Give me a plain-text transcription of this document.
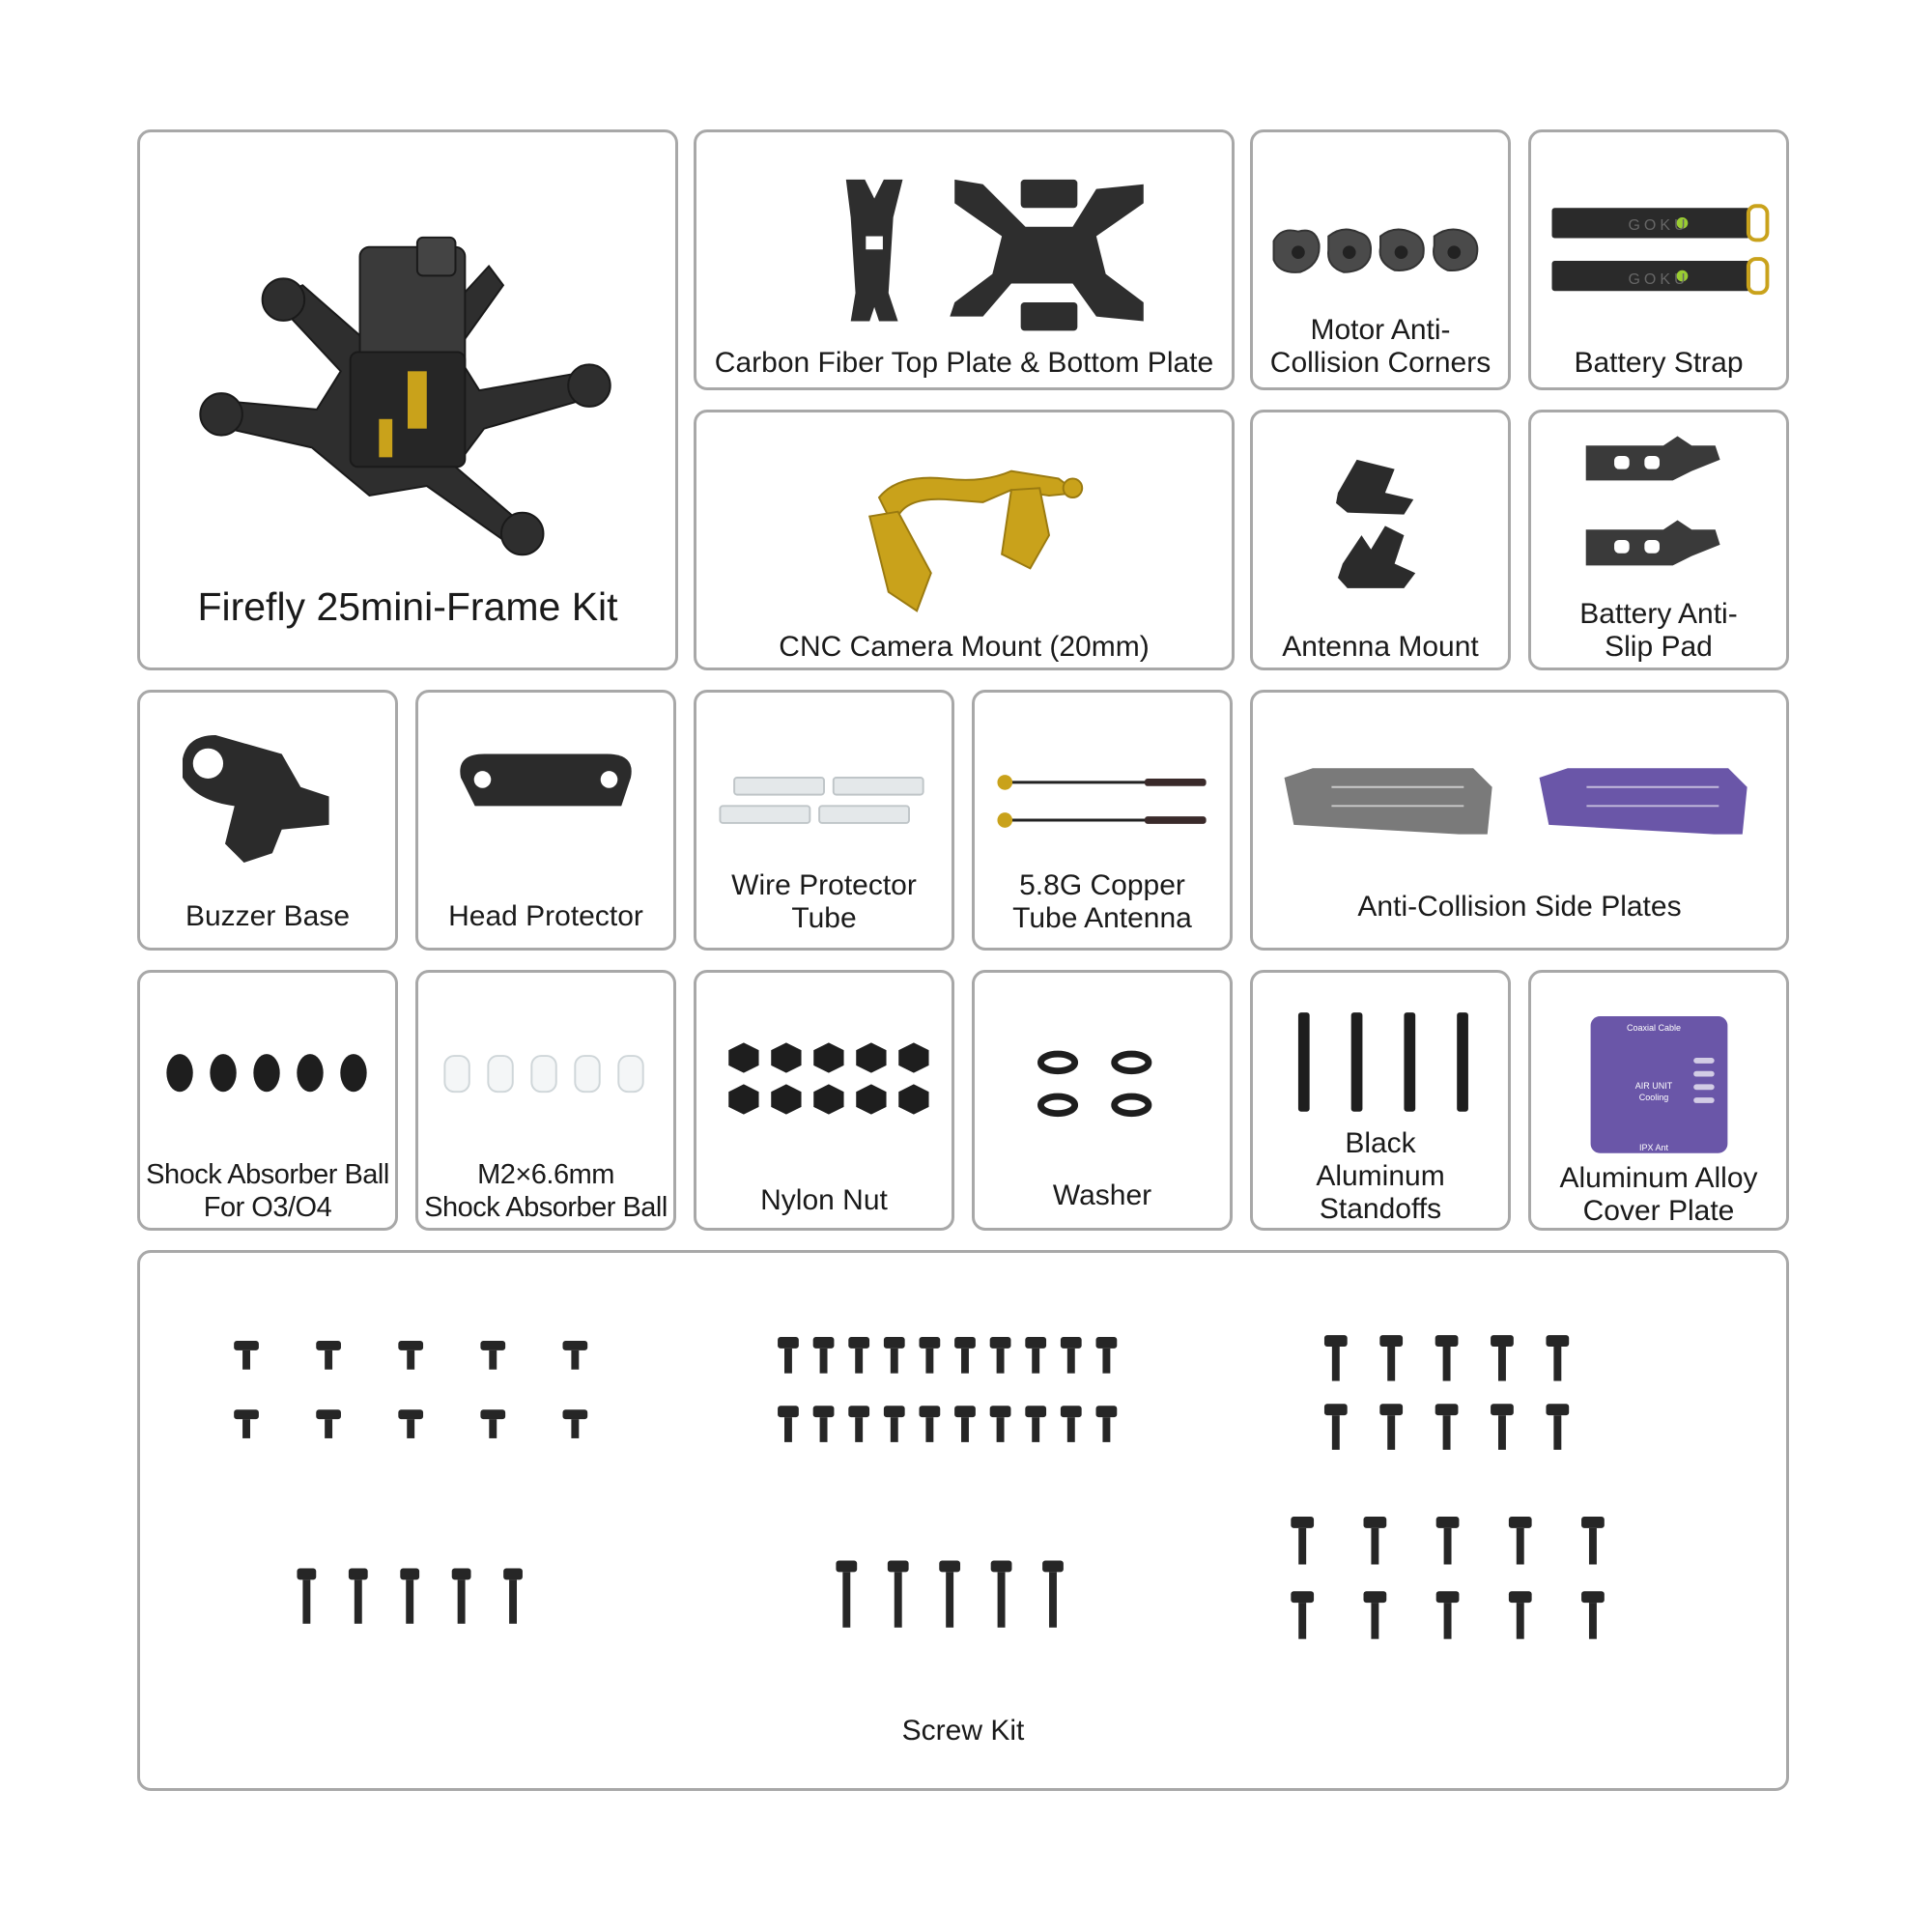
Firefly 25mini-Frame Kit
Carbon Fiber Top Plate & Bottom Plate
Motor Anti-
Collision Corners
GOKU
GOKU
Battery Strap
CNC Camera Mount (20mm)	Antenna Mount
Battery Anti-
Slip Pad
Buzzer Base	Head Protector
Wire Protector
Tube
5.8G Copper
Tube Antenna	Anti-Collision Side Plates
Shock Absorber Ball
For O3/O4
M2×6.6mm
Shock Absorber Ball	Nylon Nut	Washer
Black
Aluminum
Standoffs
Coaxial Cable
AIR UNIT
Cooling
IPX Ant
Aluminum Alloy
Cover Plate
Screw Kit
